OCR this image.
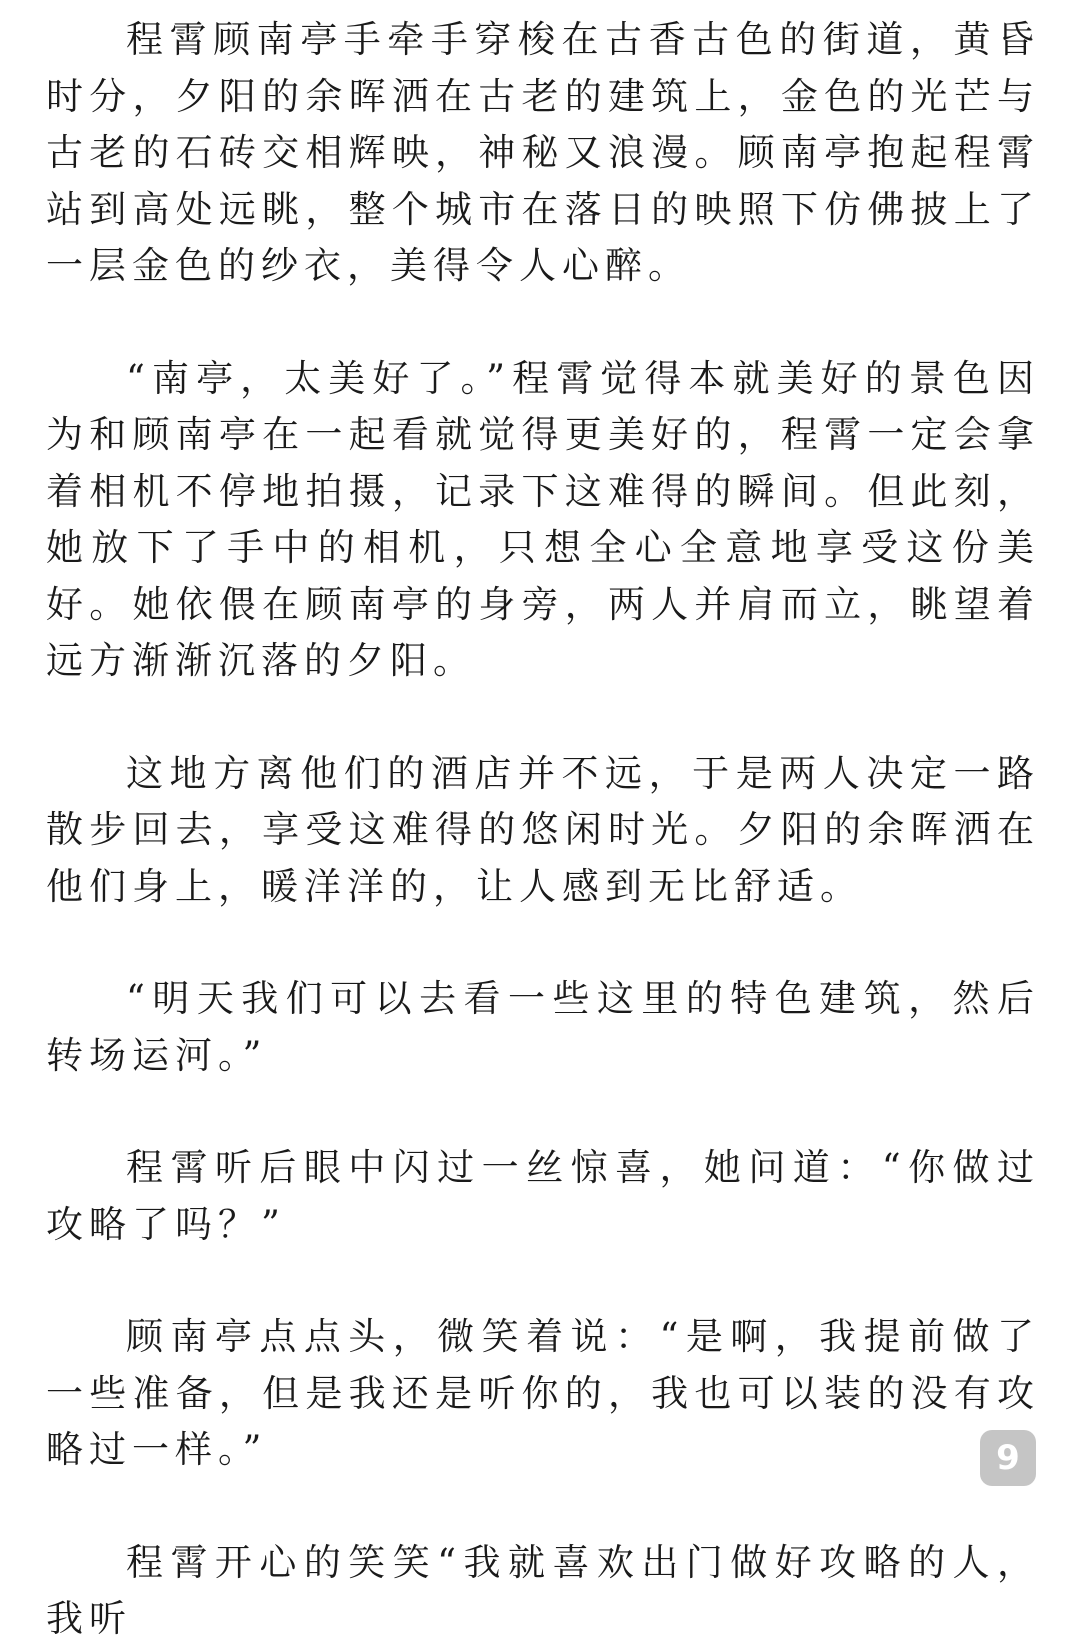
程霄顾南亭手牵手穿梭在古香古色的街道，黄昏时分，夕阳的余晖洒在古老的建筑上，金色的光芒与古老的石砖交相辉映，神秘又浪漫。顾南亭抱起程霄站到高处远眺，整个城市在落日的映照下仿佛披上了一层金色的纱衣，美得令人心醉。

“南亭，太美好了。”程霄觉得本就美好的景色因为和顾南亭在一起看就觉得更美好的，程霄一定会拿着相机不停地拍摄，记录下这难得的瞬间。但此刻，她放下了手中的相机，只想全心全意地享受这份美好。她依偎在顾南亭的身旁，两人并肩而立，眺望着远方渐渐沉落的夕阳。

这地方离他们的酒店并不远，于是两人决定一路散步回去，享受这难得的悠闲时光。夕阳的余晖洒在他们身上，暖洋洋的，让人感到无比舒适。

“明天我们可以去看一些这里的特色建筑，然后转场运河。”

程霄听后眼中闪过一丝惊喜，她问道：“你做过攻略了吗？”

顾南亭点点头，微笑着说：“是啊，我提前做了一些准备，但是我还是听你的，我也可以装的没有攻略过一样。”

程霄开心的笑笑“我就喜欢出门做好攻略的人，我听

9
